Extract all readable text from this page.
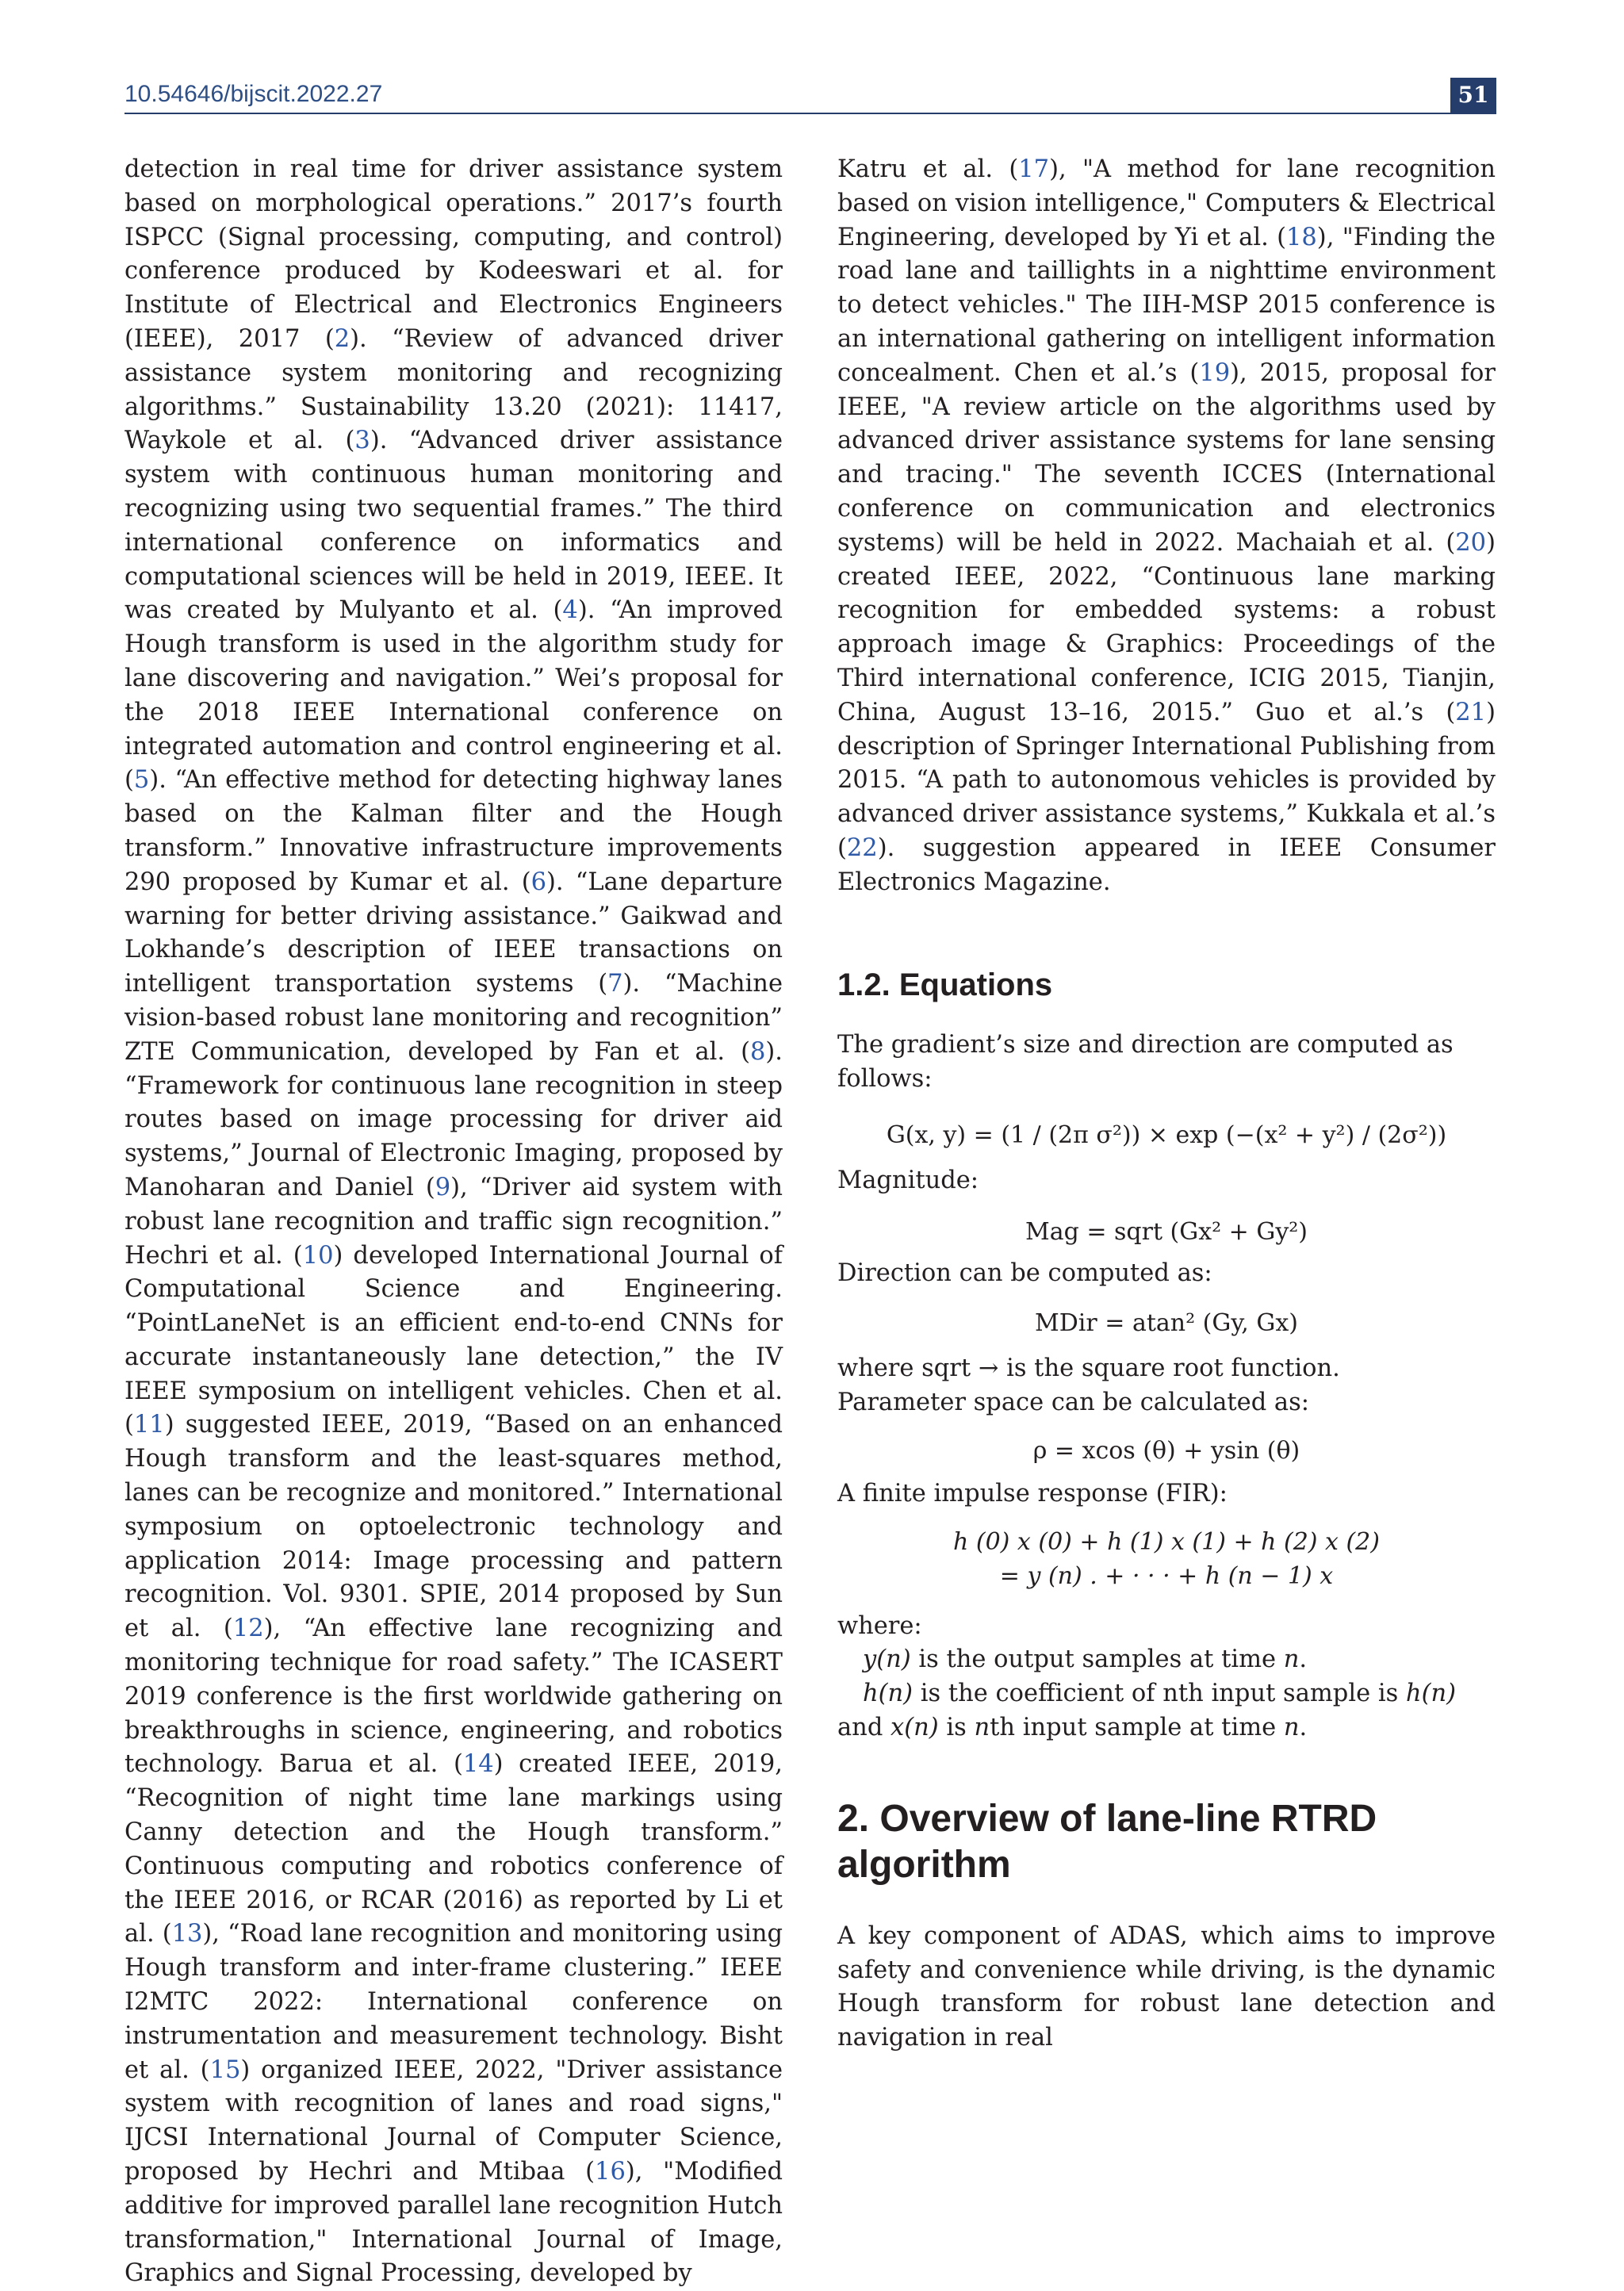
10.54646/bijscit.2022.27	51

detection in real time for driver assistance system based on morphological operations.” 2017’s fourth ISPCC (Signal processing, computing, and control) conference produced by Kodeeswari et al. for Institute of Electrical and Electronics Engineers (IEEE), 2017 (2). “Review of advanced driver assistance system monitoring and recognizing algorithms.” Sustainability 13.20 (2021): 11417, Waykole et al. (3). “Advanced driver assistance system with continuous human monitoring and recognizing using two sequential frames.” The third international conference on informatics and computational sciences will be held in 2019, IEEE. It was created by Mulyanto et al. (4). “An improved Hough transform is used in the algorithm study for lane discovering and navigation.” Wei’s proposal for the 2018 IEEE International conference on integrated automation and control engineering et al. (5). “An effective method for detecting highway lanes based on the Kalman filter and the Hough transform.” Innovative infrastructure improvements 290 proposed by Kumar et al. (6). “Lane departure warning for better driving assistance.” Gaikwad and Lokhande’s description of IEEE transactions on intelligent transportation systems (7). “Machine vision-based robust lane monitoring and recognition” ZTE Communication, developed by Fan et al. (8). “Framework for continuous lane recognition in steep routes based on image processing for driver aid systems,” Journal of Electronic Imaging, proposed by Manoharan and Daniel (9), “Driver aid system with robust lane recognition and traffic sign recognition.” Hechri et al. (10) developed International Journal of Computational Science and Engineering. “PointLaneNet is an efficient end-to-end CNNs for accurate instantaneously lane detection,” the IV IEEE symposium on intelligent vehicles. Chen et al. (11) suggested IEEE, 2019, “Based on an enhanced Hough transform and the least-squares method, lanes can be recognize and monitored.” International symposium on optoelectronic technology and application 2014: Image processing and pattern recognition. Vol. 9301. SPIE, 2014 proposed by Sun et al. (12), “An effective lane recognizing and monitoring technique for road safety.” The ICASERT 2019 conference is the first worldwide gathering on breakthroughs in science, engineering, and robotics technology. Barua et al. (14) created IEEE, 2019, “Recognition of night time lane markings using Canny detection and the Hough transform.” Continuous computing and robotics conference of the IEEE 2016, or RCAR (2016) as reported by Li et al. (13), “Road lane recognition and monitoring using Hough transform and inter-frame clustering.” IEEE I2MTC 2022: International conference on instrumentation and measurement technology. Bisht et al. (15) organized IEEE, 2022, "Driver assistance system with recognition of lanes and road signs," IJCSI International Journal of Computer Science, proposed by Hechri and Mtibaa (16), "Modified additive for improved parallel lane recognition Hutch transformation," International Journal of Image, Graphics and Signal Processing, developed by

Katru et al. (17), "A method for lane recognition based on vision intelligence," Computers & Electrical Engineering, developed by Yi et al. (18), "Finding the road lane and taillights in a nighttime environment to detect vehicles." The IIH-MSP 2015 conference is an international gathering on intelligent information concealment. Chen et al.’s (19), 2015, proposal for IEEE, "A review article on the algorithms used by advanced driver assistance systems for lane sensing and tracing." The seventh ICCES (International conference on communication and electronics systems) will be held in 2022. Machaiah et al. (20) created IEEE, 2022, “Continuous lane marking recognition for embedded systems: a robust approach image & Graphics: Proceedings of the Third international conference, ICIG 2015, Tianjin, China, August 13–16, 2015.” Guo et al.’s (21) description of Springer International Publishing from 2015. “A path to autonomous vehicles is provided by advanced driver assistance systems,” Kukkala et al.’s (22). suggestion appeared in IEEE Consumer Electronics Magazine.

1.2. Equations

The gradient’s size and direction are computed as follows:

G(x, y) = (1 / (2π σ²)) × exp (−(x² + y²) / (2σ²))

Magnitude:

Mag = sqrt (Gx² + Gy²)

Direction can be computed as:

MDir = atan² (Gy, Gx)

where sqrt → is the square root function.

Parameter space can be calculated as:

ρ = xcos (θ) + ysin (θ)

A finite impulse response (FIR):

h (0) x (0) + h (1) x (1) + h (2) x (2)

= y (n) . + · · · + h (n − 1) x

where:

y(n) is the output samples at time n.

h(n) is the coefficient of nth input sample is h(n) and x(n) is nth input sample at time n.

2. Overview of lane-line RTRD algorithm

A key component of ADAS, which aims to improve safety and convenience while driving, is the dynamic Hough transform for robust lane detection and navigation in real
